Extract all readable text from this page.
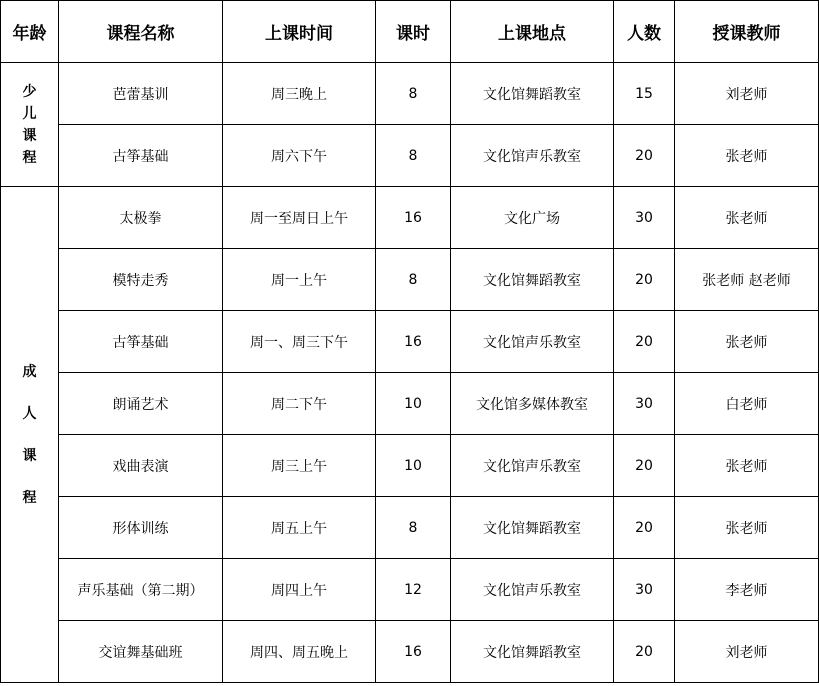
年龄	课程名称	上课时间	课时	上课地点	人数	授课教师
少儿课程	芭蕾基训	周三晚上	8	文化馆舞蹈教室	15	刘老师
	古筝基础	周六下午	8	文化馆声乐教室	20	张老师
成人课程	太极拳	周一至周日上午	16	文化广场	30	张老师
	模特走秀	周一上午	8	文化馆舞蹈教室	20	张老师 赵老师
	古筝基础	周一、周三下午	16	文化馆声乐教室	20	张老师
	朗诵艺术	周二下午	10	文化馆多媒体教室	30	白老师
	戏曲表演	周三上午	10	文化馆声乐教室	20	张老师
	形体训练	周五上午	8	文化馆舞蹈教室	20	张老师
	声乐基础（第二期）	周四上午	12	文化馆声乐教室	30	李老师
	交谊舞基础班	周四、周五晚上	16	文化馆舞蹈教室	20	刘老师
